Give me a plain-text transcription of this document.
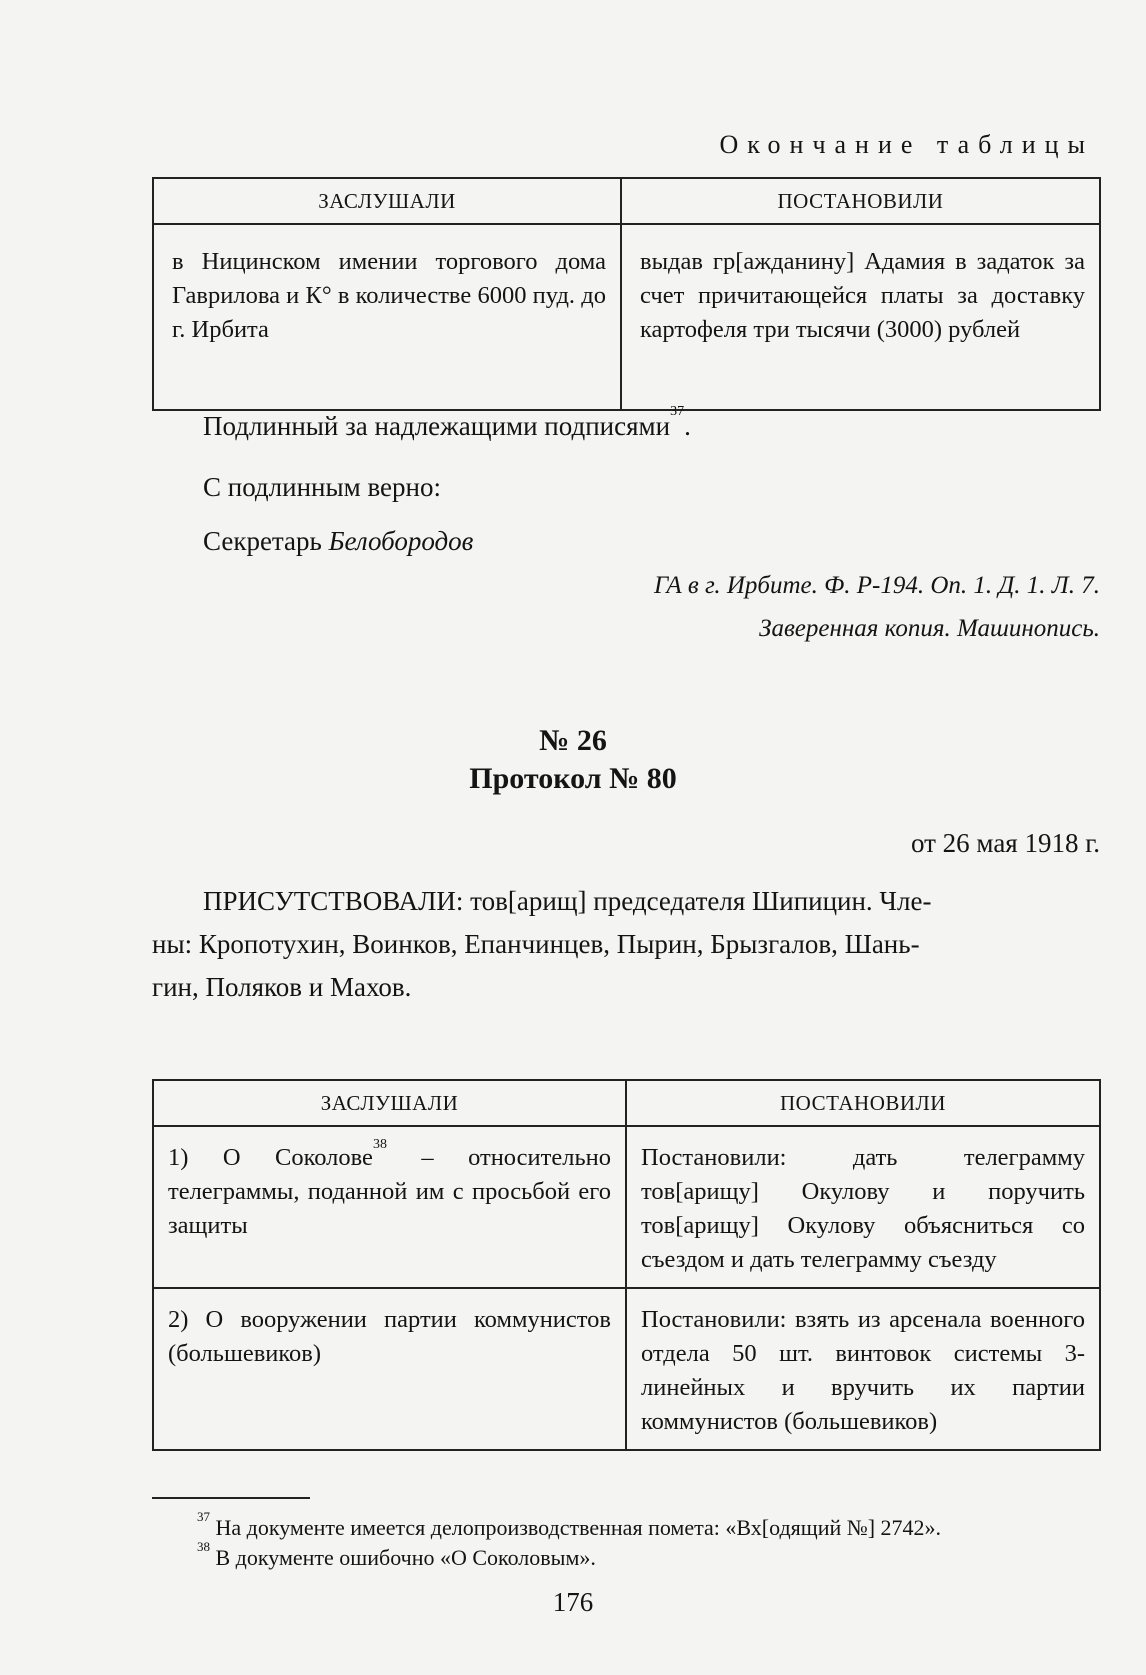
Окончание таблицы
ЗАСЛУШАЛИ	ПОСТАНОВИЛИ
в Ницинском имении торгового дома Гаврилова и К° в количестве 6000 пуд. до г. Ирбита	выдав гр[ажданину] Адамия в задаток за счет причитающейся платы за доставку картофеля три тысячи (3000) рублей
Подлинный за надлежащими подписями$^{37}$.
С подлинным верно:
Секретарь Белобородов
ГА в г. Ирбите. Ф. Р-194. Оп. 1. Д. 1. Л. 7.
Заверенная копия. Машинопись.
№ 26
Протокол № 80
от 26 мая 1918 г.
ПРИСУТСТВОВАЛИ: тов[арищ] председателя Шипицин. Чле-
ны: Кропотухин, Воинков, Епанчинцев, Пырин, Брызгалов, Шань-
гин, Поляков и Махов.
ЗАСЛУШАЛИ	ПОСТАНОВИЛИ
1) О Соколове$^{38}$ – относительно телеграммы, поданной им с просьбой его защиты	Постановили: дать телеграмму тов[арищу] Окулову и поручить тов[арищу] Окулову объясниться со съездом и дать телеграмму съезду
2) О вооружении партии коммунистов (большевиков)	Постановили: взять из арсенала военного отдела 50 шт. винтовок системы 3-линейных и вручить их партии коммунистов (большевиков)
$^{37}$ На документе имеется делопроизводственная помета: «Вх[одящий №] 2742».
$^{38}$ В документе ошибочно «О Соколовым».
176
